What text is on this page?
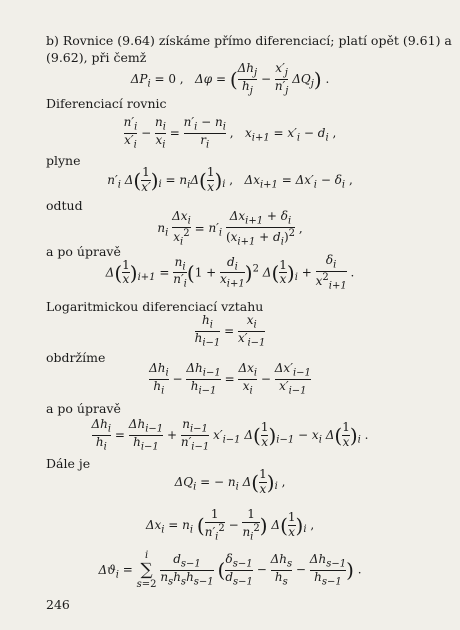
b) Rovnice (9.64) získáme přímo diferenciací; platí opět (9.61) a
(9.62), při čemž
$\Delta P_i = 0$ ,   Δφ = ( $\frac{\Delta h_j}{h_j} - \frac{x'_j}{n'_j} \Delta Q_j$) .
Diferenciací rovnic
$\frac{n'_i}{x'_i} - \frac{n_i}{x_i} = \frac{n'_i - n_i}{r_i}$ ,   $x_{i+1} = x'_i - d_i$ ,
plyne
$n'_i$ $\Delta( \frac{1}{x'} )_i = n_i\Delta( \frac{1}{x} )_i$ ,   $\Delta x_{i+1} = \Delta x'_i - \delta_i$ ,
odtud
$n_i \frac{\Delta x_i}{x_i^2} = n'_i \frac{\Delta x_{i+1} + \delta_i}{(x_{i+1} + d_i)^2}$ ,
a po úpravě
$\Delta( \frac{1}{x} )_{i+1} = \frac{n_i}{n'_i} (1 + \frac{d_i}{x_{i+1}} )^2$ $\Delta( \frac{1}{x} )_i + \frac{\delta_i}{x^2_{i+1}}$ .
Logaritmickou diferenciací vztahu
$\frac{h_i}{h_{i-1}} = \frac{x_i}{x'_{i-1}}$
obdržíme
$\frac{\Delta h_i}{h_i} - \frac{\Delta h_{i-1}}{h_{i-1}} = \frac{\Delta x_i}{x_i} - \frac{\Delta x'_{i-1}}{x'_{i-1}}$
a po úpravě
$\frac{\Delta h_i}{h_i} = \frac{\Delta h_{i-1}}{h_{i-1}} + \frac{n_{i-1}}{n'_{i-1}} x'_{i-1}$ $\Delta( \frac{1}{x} )_{i-1} - x_i$ $\Delta( \frac{1}{x} )_i$ .
Dále je
$\Delta Q_i$ = − $n_i$ $\Delta( \frac{1}{x} )_i$ ,
$\Delta x_i = n_i$ ( $\frac{1}{n'_i^2} - \frac{1}{n_i^2}$ ) $\Delta( \frac{1}{x} )_i$ ,
$\Delta ϑ_i$ =
i
∑
s=2
$\frac{d_{s-1}}{n_sh_sh_{s-1}}$ ( $\frac{\delta_{s-1}}{d_{s-1}} - \frac{\Delta h_s}{h_s} - \frac{\Delta h_{s-1}}{h_{s-1}}$ ) .
246
